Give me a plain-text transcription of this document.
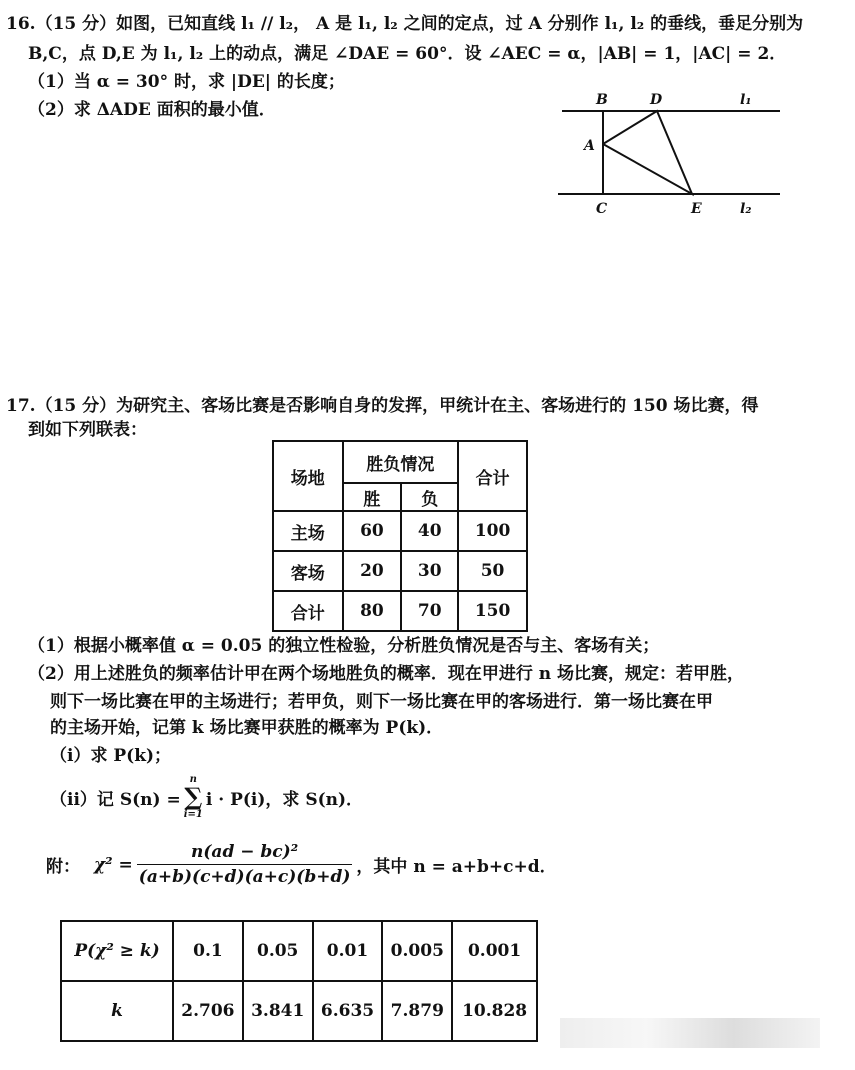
16.（15 分）如图，已知直线 l₁ // l₂， A 是 l₁, l₂ 之间的定点，过 A 分别作 l₁, l₂ 的垂线，垂足分别为
B,C，点 D,E 为 l₁, l₂ 上的动点，满足 ∠DAE = 60°．设 ∠AEC = α，|AB| = 1，|AC| = 2．
（1）当 α = 30° 时，求 |DE| 的长度；
（2）求 ΔADE 面积的最小值．	B	D	l₁
A
C	E	l₂
17.（15 分）为研究主、客场比赛是否影响自身的发挥，甲统计在主、客场进行的 150 场比赛，得
到如下列联表：
场地	胜负情况		合计
	胜	负	
主场	60	40	100
客场	20	30	50
合计	80	70	150
（1）根据小概率值 α = 0.05 的独立性检验，分析胜负情况是否与主、客场有关；
（2）用上述胜负的频率估计甲在两个场地胜负的概率．现在甲进行 n 场比赛，规定：若甲胜，
则下一场比赛在甲的主场进行；若甲负，则下一场比赛在甲的客场进行．第一场比赛在甲
的主场开始，记第 k 场比赛甲获胜的概率为 P(k)．
（i）求 P(k)；
（ii）记 S(n) =
n
∑
i=1
i · P(i)，求 S(n)．
附： $\chi^2 = \frac{\text{n(ad − bc)²}}{(a+b)(c+d)(a+c)(b+d)}$ ，其中 n = a+b+c+d．
P(χ² ≥ k)	0.1	0.05	0.01	0.005	0.001
k	2.706	3.841	6.635	7.879	10.828
